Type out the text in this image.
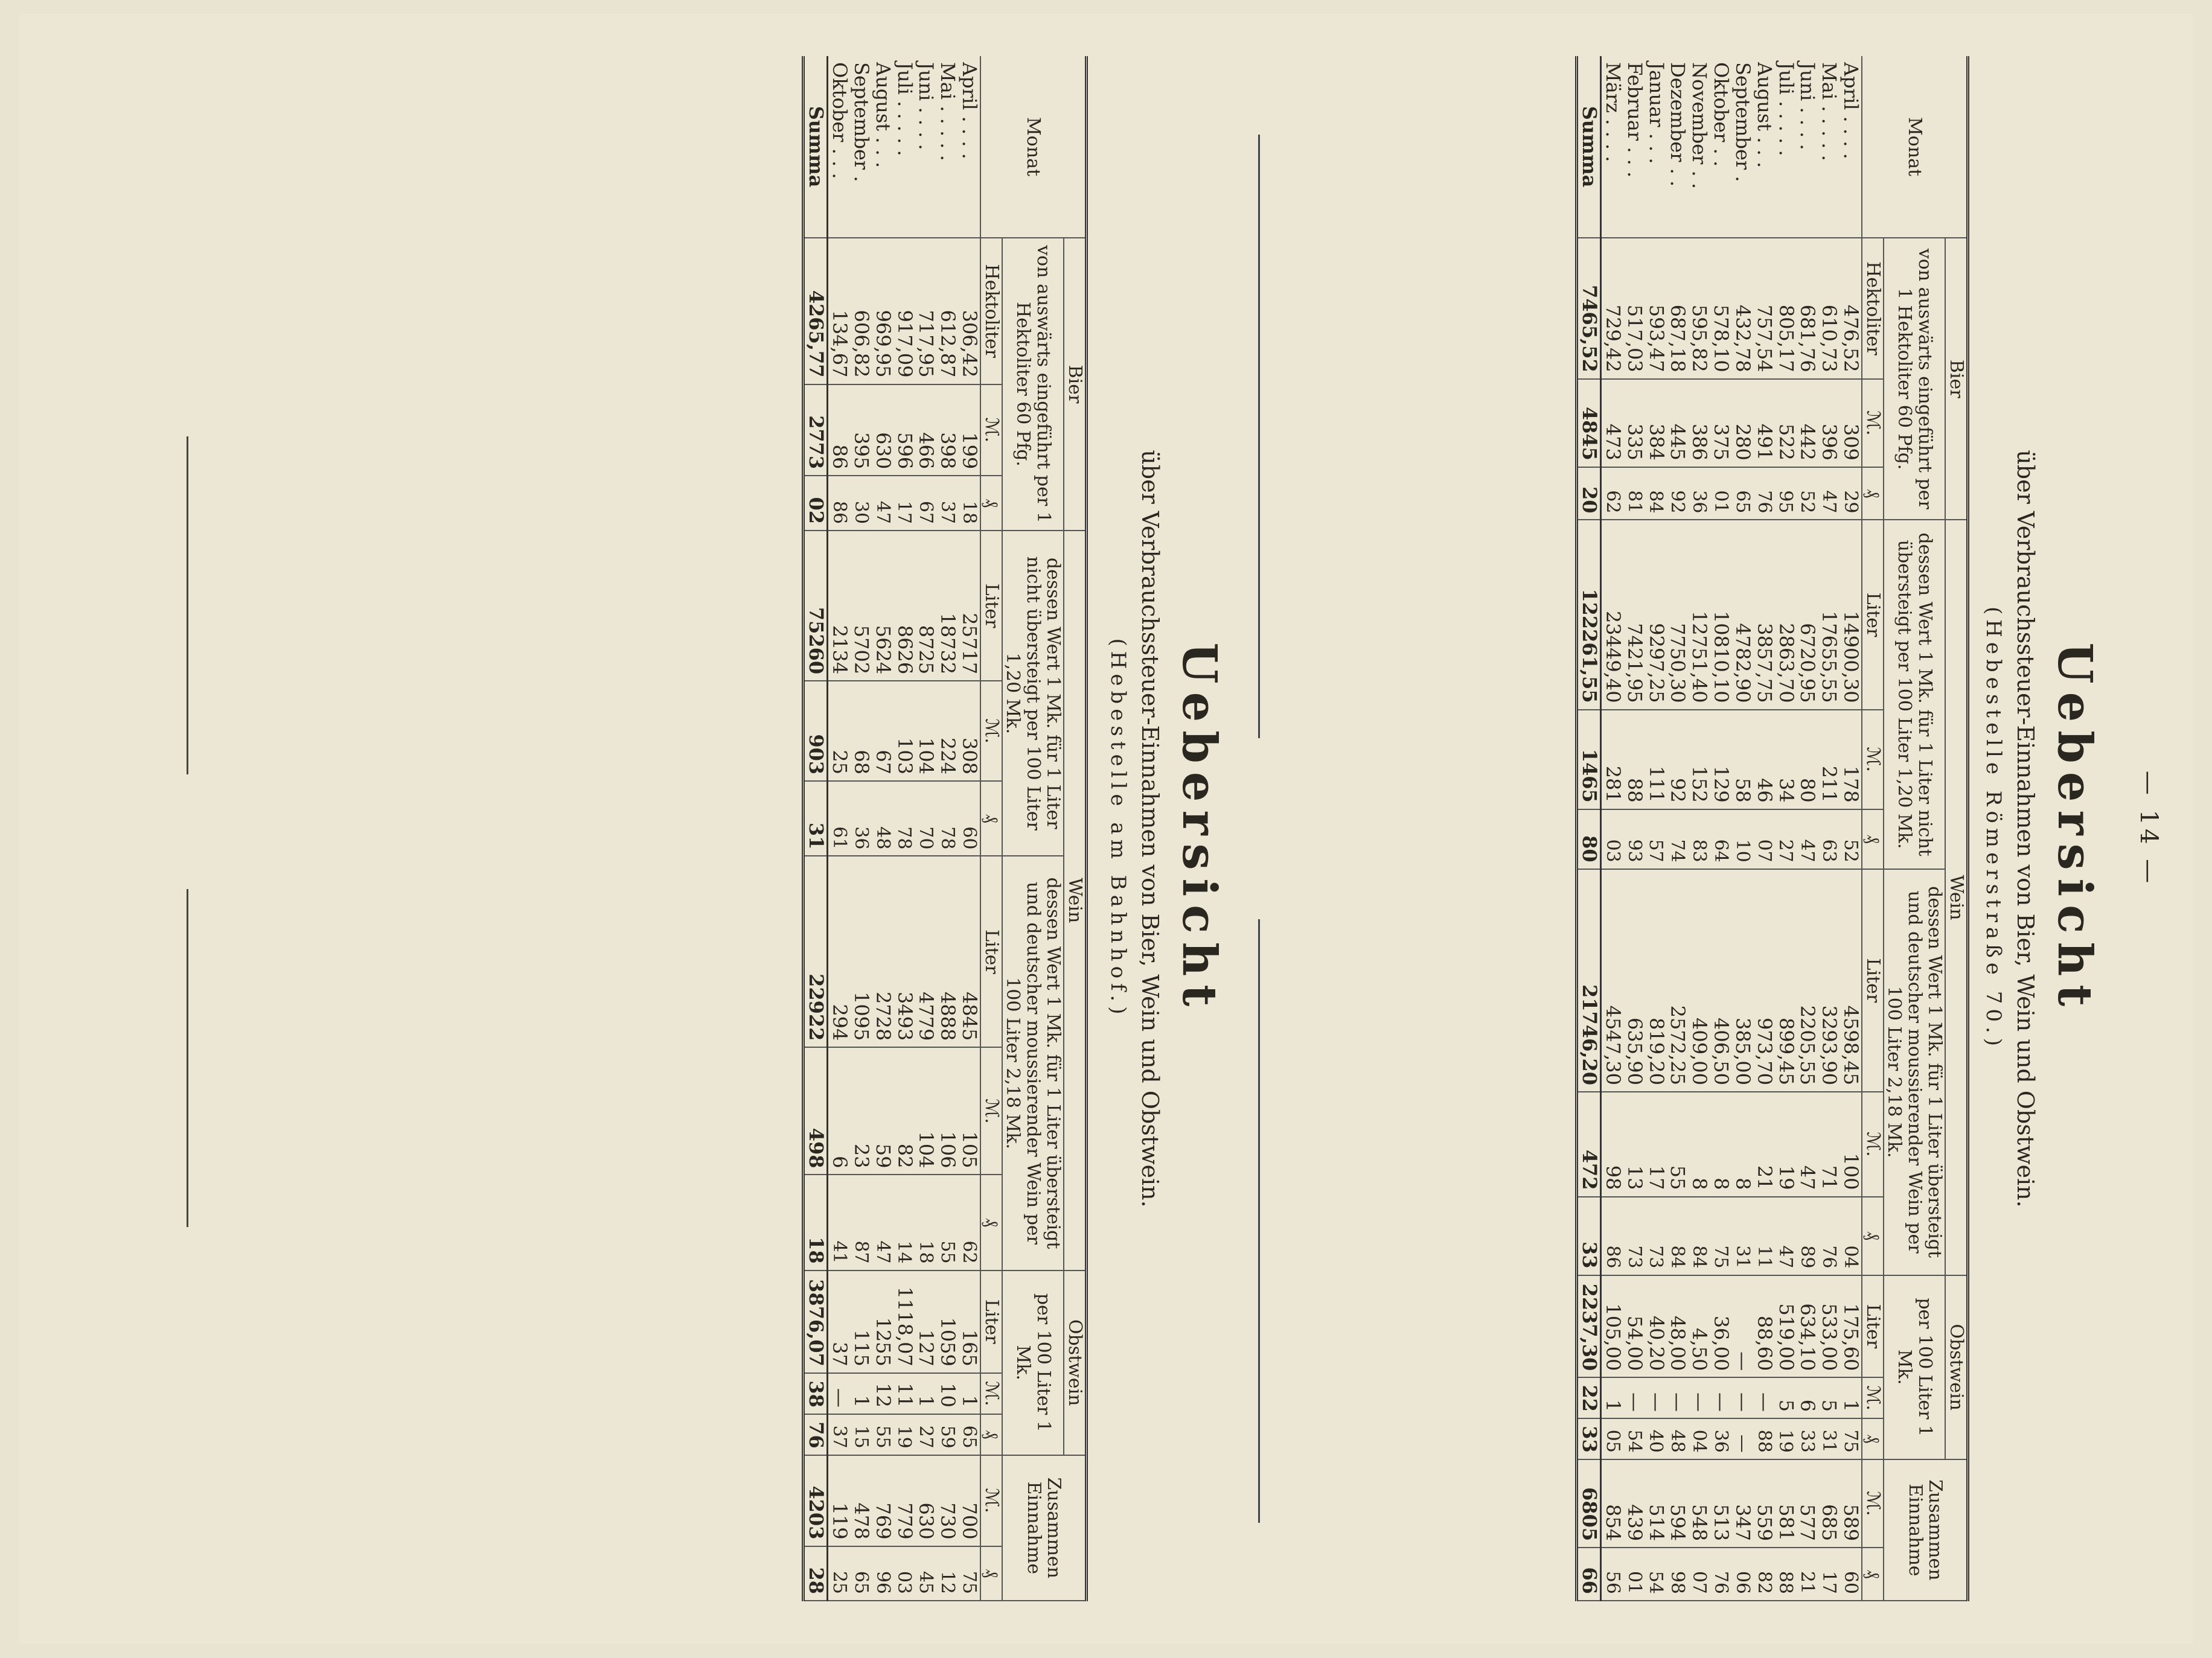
— 14 —
Uebersicht
über Verbrauchssteuer-Einnahmen von Bier, Wein und Obstwein.
(Hebestelle Römerstraße 70.)
Monat	Bier			Wein						Obstwein			Zusammen Einnahme	
	von auswärts eingeführt per 1 Hektoliter 60 Pfg.			dessen Wert 1 Mk. für 1 Liter nicht übersteigt per 100 Liter 1,20 Mk.			dessen Wert 1 Mk. für 1 Liter übersteigt und deutscher moussierender Wein per 100 Liter 2,18 Mk.			per 100 Liter 1 Mk.				
	Hektoliter	ℳ.	₰	Liter	ℳ.	₰	Liter	ℳ.	₰	Liter	ℳ.	₰	ℳ.	₰
April . . . .	476,52	309	29	14900,30	178	52	4598,45	100	04	175,60	1	75	589	60
Mai . . . . .	610,73	396	47	17655,55	211	63	3293,90	71	76	533,00	5	31	685	17
Juni . . . .	681,76	442	52	6720,95	80	47	2205,55	47	89	634,10	6	33	577	21
Juli . . . . .	805,17	522	95	2863,70	34	27	899,45	19	47	519,00	5	19	581	88
August . . .	757,54	491	76	3857,75	46	07	973,70	21	11	88,60	—	88	559	82
September .	432,78	280	65	4782,90	58	10	385,00	8	31	—	—	—	347	06
Oktober . .	578,10	375	01	10810,10	129	64	406,50	8	75	36,00	—	36	513	76
November . .	595,82	386	36	12751,40	152	83	409,00	8	84	4,50	—	04	548	07
Dezember . .	687,18	445	92	7750,30	92	74	2572,25	55	84	48,00	—	48	594	98
Januar . . .	593,47	384	84	9297,25	111	57	819,20	17	73	40,20	—	40	514	54
Februar . . .	517,03	335	81	7421,95	88	93	635,90	13	73	54,00	—	54	439	01
März . . . .	729,42	473	62	23449,40	281	03	4547,30	98	86	105,00	1	05	854	56
Summa	7465,52	4845	20	122261,55	1465	80	21746,20	472	33	2237,30	22	33	6805	66
Uebersicht
über Verbrauchssteuer-Einnahmen von Bier, Wein und Obstwein.
(Hebestelle am Bahnhof.)
Monat	Bier			Wein						Obstwein			Zusammen Einnahme	
	von auswärts eingeführt per 1 Hektoliter 60 Pfg.			dessen Wert 1 Mk. für 1 Liter nicht übersteigt per 100 Liter 1,20 Mk.			dessen Wert 1 Mk. für 1 Liter übersteigt und deutscher moussierender Wein per 100 Liter 2,18 Mk.			per 100 Liter 1 Mk.				
	Hektoliter	ℳ.	₰	Liter	ℳ.	₰	Liter	ℳ.	₰	Liter	ℳ.	₰	ℳ.	₰
April . . . .	306,42	199	18	25717	308	60	4845	105	62	165	1	65	700	75
Mai . . . . .	612,87	398	37	18732	224	78	4888	106	55	1059	10	59	730	12
Juni . . . .	717,95	466	67	8725	104	70	4779	104	18	127	1	27	630	45
Juli . . . . .	917,09	596	17	8626	103	78	3493	82	14	1118,07	11	19	779	03
August . . .	969,95	630	47	5624	67	48	2728	59	47	1255	12	55	769	96
September .	606,82	395	30	5702	68	36	1095	23	87	115	1	15	478	65
Oktober . . .	134,67	86	86	2134	25	61	294	6	41	37	—	37	119	25
Summa	4265,77	2773	02	75260	903	31	22922	498	18	3876,07	38	76	4203	28
